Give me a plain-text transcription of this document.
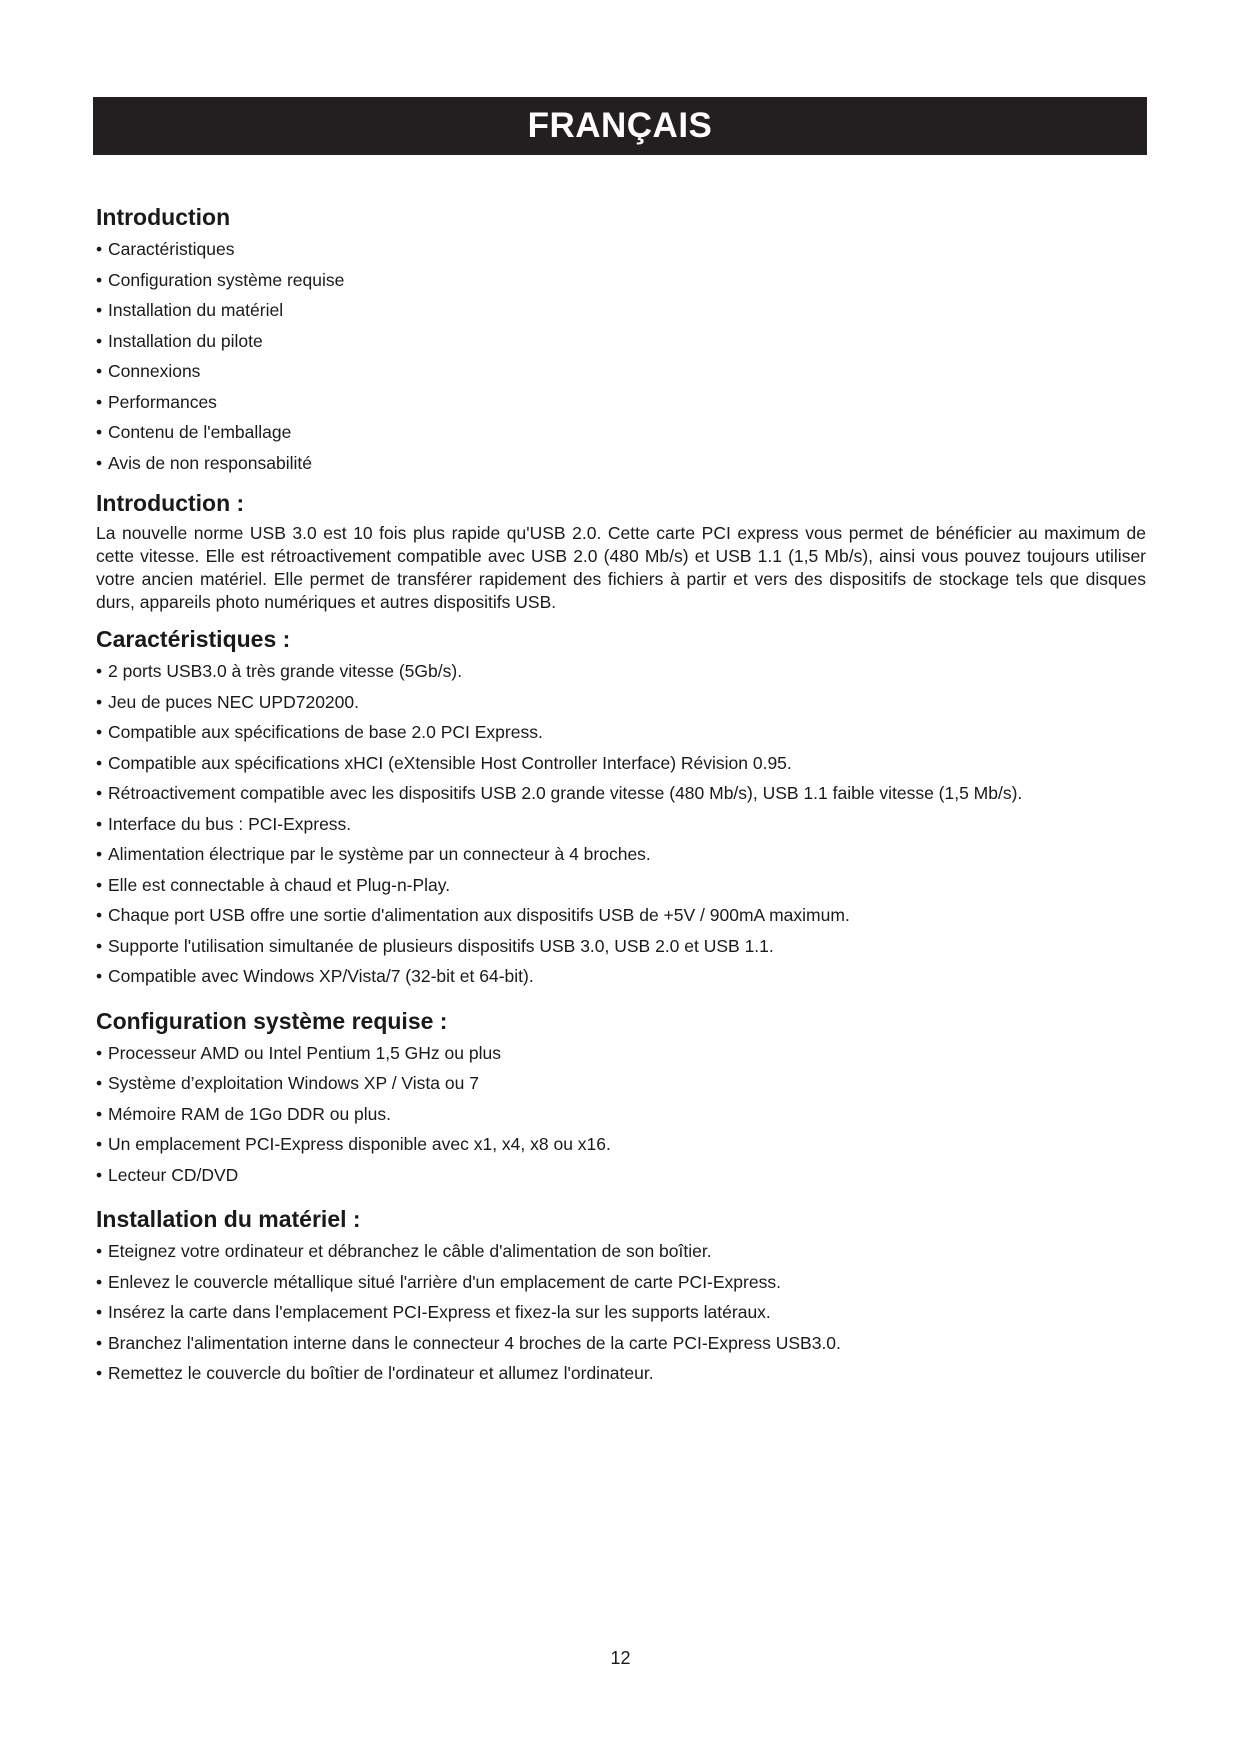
FRANÇAIS
Introduction
• Caractéristiques
• Configuration système requise
• Installation du matériel
• Installation du pilote
• Connexions
• Performances
• Contenu de l'emballage
• Avis de non responsabilité
Introduction :

La nouvelle norme USB 3.0 est 10 fois plus rapide qu'USB 2.0. Cette carte PCI express vous permet de bénéficier au maximum de cette vitesse. Elle est rétroactivement compatible avec USB 2.0 (480 Mb/s) et USB 1.1 (1,5 Mb/s), ainsi vous pouvez toujours utiliser votre ancien matériel. Elle permet de transférer rapidement des fichiers à partir et vers des dispositifs de stockage tels que disques durs, appareils photo numériques et autres dispositifs USB.

Caractéristiques :
• 2 ports USB3.0 à très grande vitesse (5Gb/s).
• Jeu de puces NEC UPD720200.
• Compatible aux spécifications de base 2.0 PCI Express.
• Compatible aux spécifications xHCI (eXtensible Host Controller Interface) Révision 0.95.
• Rétroactivement compatible avec les dispositifs USB 2.0 grande vitesse (480 Mb/s), USB 1.1 faible vitesse (1,5 Mb/s).
• Interface du bus : PCI-Express.
• Alimentation électrique par le système par un connecteur à 4 broches.
• Elle est connectable à chaud et Plug-n-Play.
• Chaque port USB offre une sortie d'alimentation aux dispositifs USB de +5V / 900mA maximum.
• Supporte l'utilisation simultanée de plusieurs dispositifs USB 3.0, USB 2.0 et USB 1.1.
• Compatible avec Windows XP/Vista/7 (32-bit et 64-bit).
Configuration système requise :
• Processeur AMD ou Intel Pentium 1,5 GHz ou plus
• Système d’exploitation Windows XP / Vista ou 7
• Mémoire RAM de 1Go DDR ou plus.
• Un emplacement PCI-Express disponible avec x1, x4, x8 ou x16.
• Lecteur CD/DVD
Installation du matériel :
• Eteignez votre ordinateur et débranchez le câble d'alimentation de son boîtier.
• Enlevez le couvercle métallique situé l'arrière d'un emplacement de carte PCI-Express.
• Insérez la carte dans l'emplacement PCI-Express et fixez-la sur les supports latéraux.
• Branchez l'alimentation interne dans le connecteur 4 broches de la carte PCI-Express USB3.0.
• Remettez le couvercle du boîtier de l'ordinateur et allumez l'ordinateur.
12
